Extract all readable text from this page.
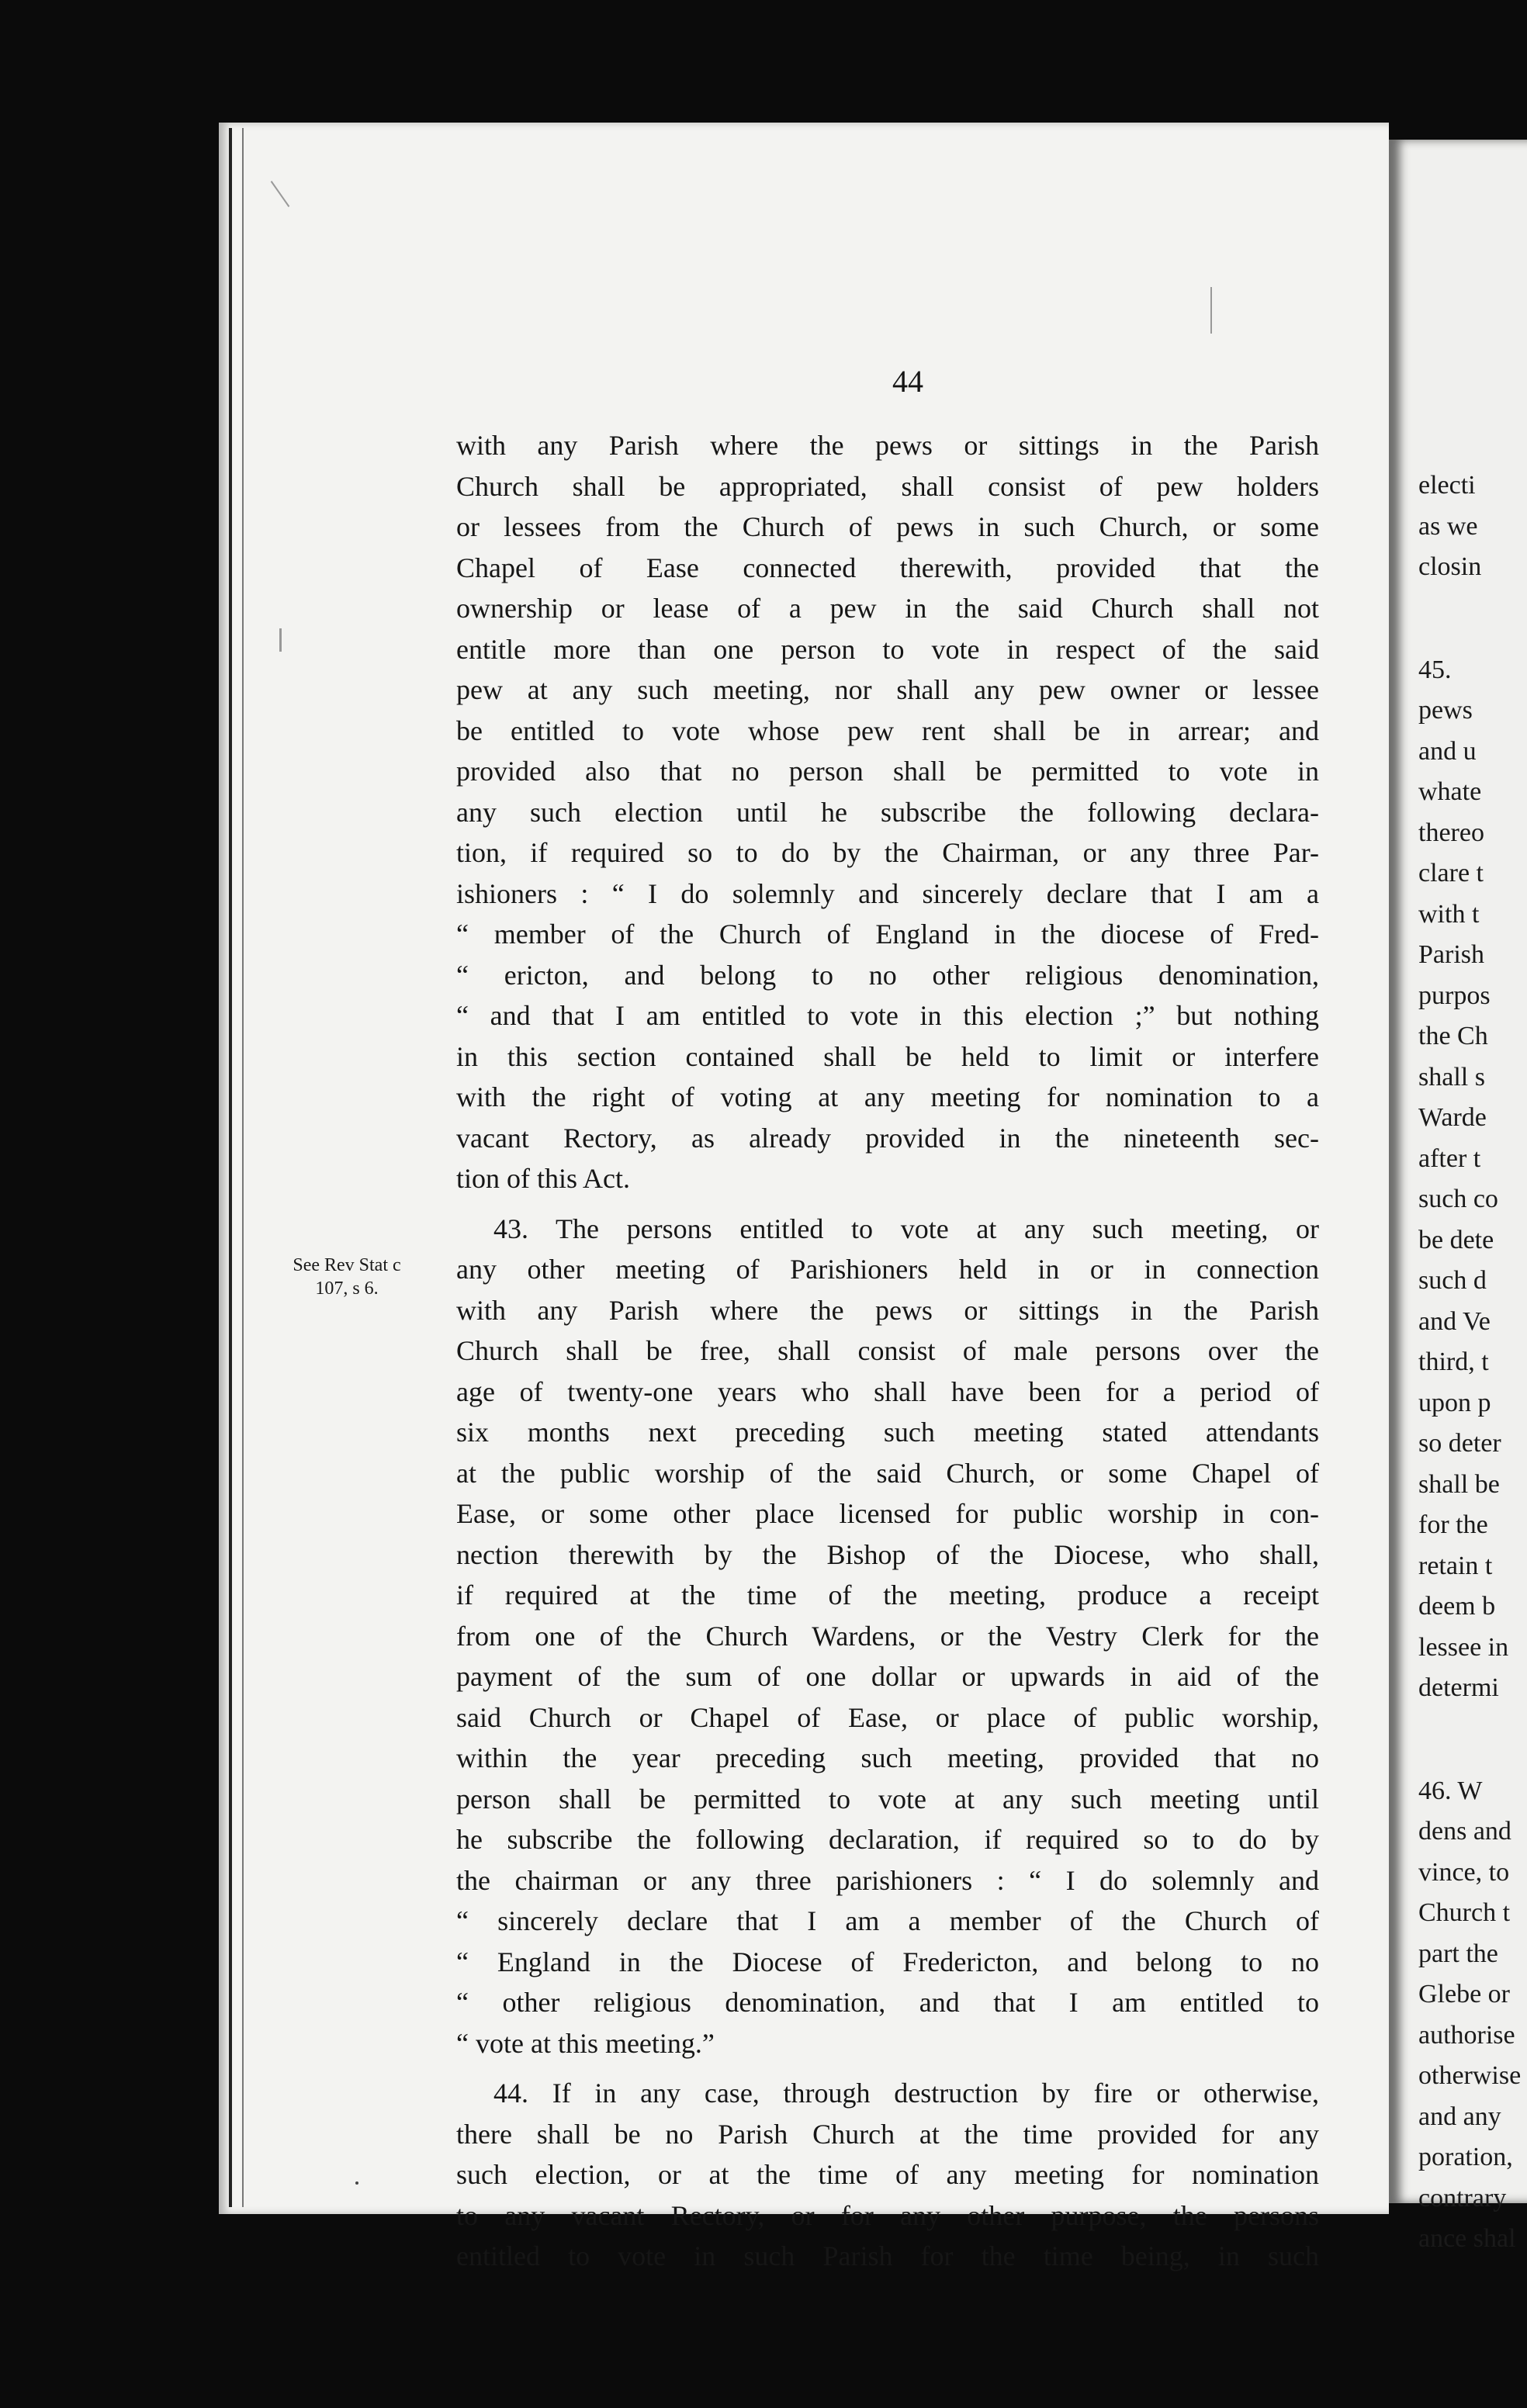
44
See Rev Stat c
107, s 6.
with any Parish where the pews or sittings in the Parish
Church shall be appropriated, shall consist of pew holders
or lessees from the Church of pews in such Church, or some
Chapel of Ease connected therewith, provided that the
ownership or lease of a pew in the said Church shall not
entitle more than one person to vote in respect of the said
pew at any such meeting, nor shall any pew owner or lessee
be entitled to vote whose pew rent shall be in arrear; and
provided also that no person shall be permitted to vote in
any such election until he subscribe the following declara-
tion, if required so to do by the Chairman, or any three Par-
ishioners : “ I do solemnly and sincerely declare that I am a
“ member of the Church of England in the diocese of Fred-
“ ericton, and belong to no other religious denomination,
“ and that I am entitled to vote in this election ;” but nothing
in this section contained shall be held to limit or interfere
with the right of voting at any meeting for nomination to a
vacant Rectory, as already provided in the nineteenth sec-
tion of this Act.
43. The persons entitled to vote at any such meeting, or
any other meeting of Parishioners held in or in connection
with any Parish where the pews or sittings in the Parish
Church shall be free, shall consist of male persons over the
age of twenty-one years who shall have been for a period of
six months next preceding such meeting stated attendants
at the public worship of the said Church, or some Chapel of
Ease, or some other place licensed for public worship in con-
nection therewith by the Bishop of the Diocese, who shall,
if required at the time of the meeting, produce a receipt
from one of the Church Wardens, or the Vestry Clerk for the
payment of the sum of one dollar or upwards in aid of the
said Church or Chapel of Ease, or place of public worship,
within the year preceding such meeting, provided that no
person shall be permitted to vote at any such meeting until
he subscribe the following declaration, if required so to do by
the chairman or any three parishioners : “ I do solemnly and
“ sincerely declare that I am a member of the Church of
“ England in the Diocese of Fredericton, and belong to no
“ other religious denomination, and that I am entitled to
“ vote at this meeting.”
44. If in any case, through destruction by fire or otherwise,
there shall be no Parish Church at the time provided for any
such election, or at the time of any meeting for nomination
to any vacant Rectory, or for any other purpose, the persons
entitled to vote in such Parish for the time being, in such
electi
as we
closin
45.
pews
and u
whate
thereo
clare t
with t
Parish
purpos
the Ch
shall s
Warde
after t
such co
be dete
such d
and Ve
third, t
upon p
so deter
shall be
for the
retain t
deem b
lessee in
determi
46. W
dens and
vince, to
Church t
part the
Glebe or
authorise
otherwise
and any
poration,
contrary
ance shal
